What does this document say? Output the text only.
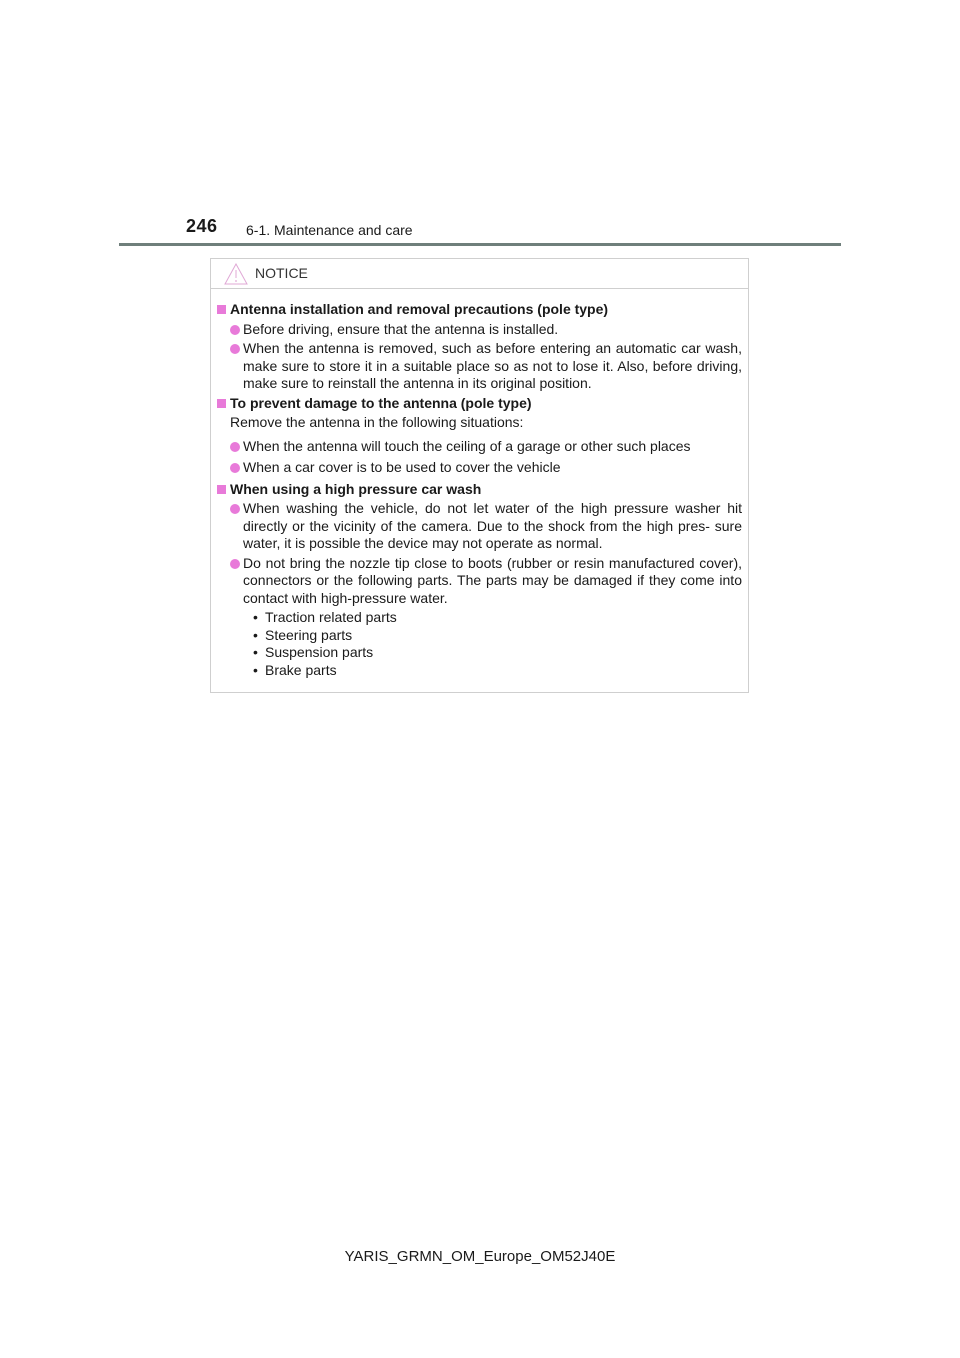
246 6-1. Maintenance and care
NOTICE
Antenna installation and removal precautions (pole type)
Before driving, ensure that the antenna is installed.
When the antenna is removed, such as before entering an automatic car wash, make sure to store it in a suitable place so as not to lose it. Also, before driving, make sure to reinstall the antenna in its original position.
To prevent damage to the antenna (pole type)
Remove the antenna in the following situations:
When the antenna will touch the ceiling of a garage or other such places
When a car cover is to be used to cover the vehicle
When using a high pressure car wash
When washing the vehicle, do not let water of the high pressure washer hit directly or the vicinity of the camera. Due to the shock from the high pres- sure water, it is possible the device may not operate as normal.
Do not bring the nozzle tip close to boots (rubber or resin manufactured cover), connectors or the following parts. The parts may be damaged if they come into contact with high-pressure water.
• Traction related parts
• Steering parts
• Suspension parts
• Brake parts
YARIS_GRMN_OM_Europe_OM52J40E
